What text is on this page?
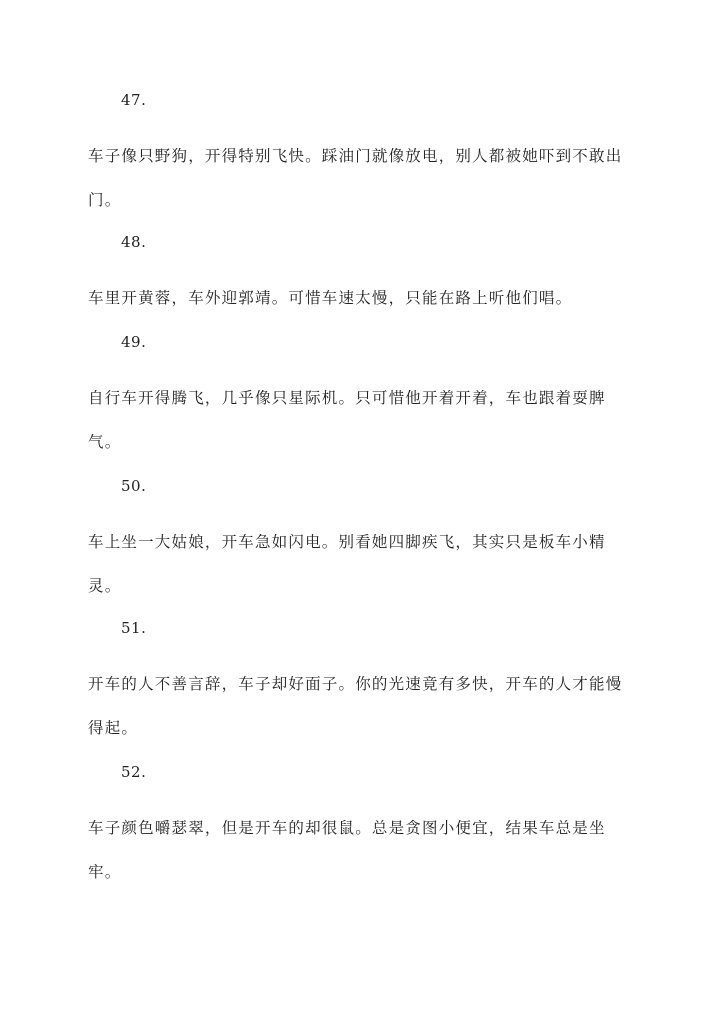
47.
车子像只野狗，开得特别飞快。踩油门就像放电，别人都被她吓到不敢出门。
48.
车里开黄蓉，车外迎郭靖。可惜车速太慢，只能在路上听他们唱。
49.
自行车开得腾飞，几乎像只星际机。只可惜他开着开着，车也跟着耍脾气。
50.
车上坐一大姑娘，开车急如闪电。别看她四脚疾飞，其实只是板车小精灵。
51.
开车的人不善言辞，车子却好面子。你的光速竟有多快，开车的人才能慢得起。
52.
车子颜色嚼瑟翠，但是开车的却很鼠。总是贪图小便宜，结果车总是坐牢。
